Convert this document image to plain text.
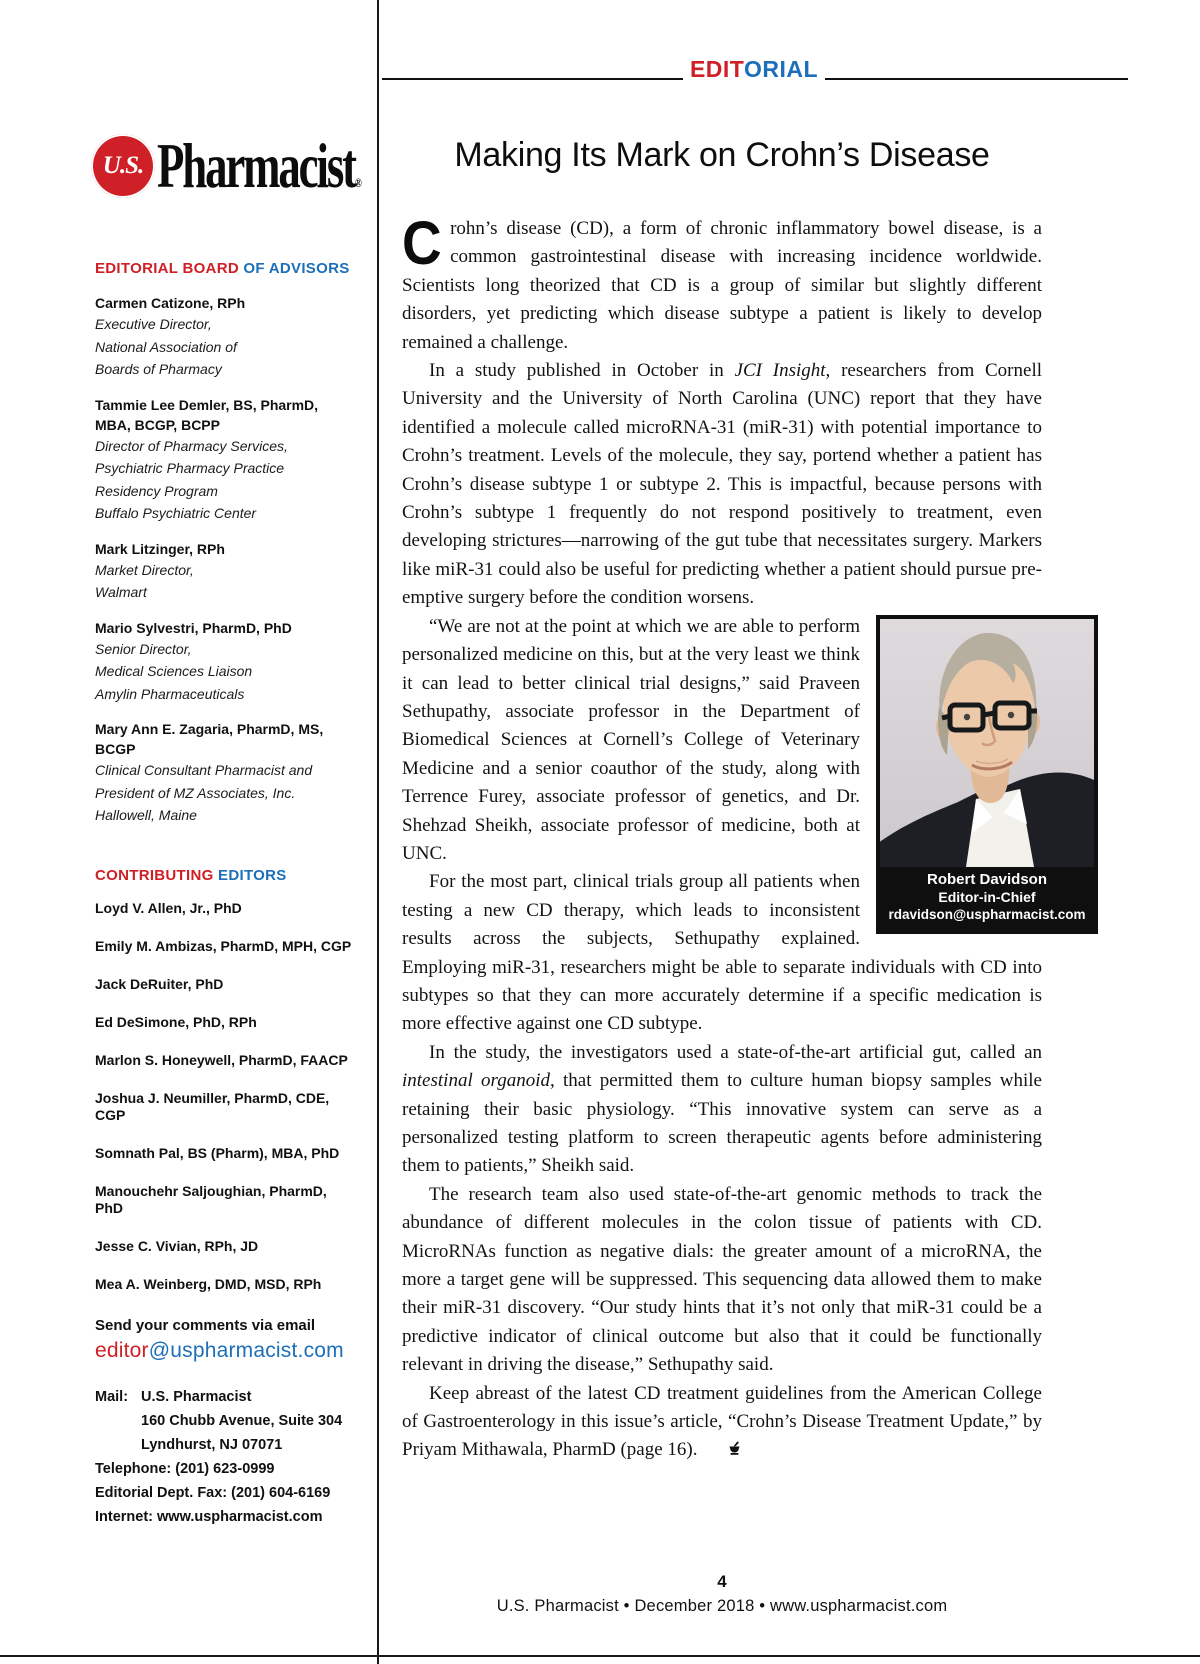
U.S. Pharmacist®
EDITORIAL BOARD OF ADVISORS
Carmen Catizone, RPh
Executive Director,
National Association of
Boards of Pharmacy
Tammie Lee Demler, BS, PharmD, MBA, BCGP, BCPP
Director of Pharmacy Services,
Psychiatric Pharmacy Practice
Residency Program
Buffalo Psychiatric Center
Mark Litzinger, RPh
Market Director,
Walmart
Mario Sylvestri, PharmD, PhD
Senior Director,
Medical Sciences Liaison
Amylin Pharmaceuticals
Mary Ann E. Zagaria, PharmD, MS, BCGP
Clinical Consultant Pharmacist and
President of MZ Associates, Inc.
Hallowell, Maine
CONTRIBUTING EDITORS
Loyd V. Allen, Jr., PhD
Emily M. Ambizas, PharmD, MPH, CGP
Jack DeRuiter, PhD
Ed DeSimone, PhD, RPh
Marlon S. Honeywell, PharmD, FAACP
Joshua J. Neumiller, PharmD, CDE, CGP
Somnath Pal, BS (Pharm), MBA, PhD
Manouchehr Saljoughian, PharmD, PhD
Jesse C. Vivian, RPh, JD
Mea A. Weinberg, DMD, MSD, RPh
Send your comments via email
editor@uspharmacist.com
Mail: U.S. Pharmacist
160 Chubb Avenue, Suite 304
Lyndhurst, NJ 07071
Telephone: (201) 623-0999
Editorial Dept. Fax: (201) 604-6169
Internet: www.uspharmacist.com
EDITORIAL
Making Its Mark on Crohn’s Disease

Crohn’s disease (CD), a form of chronic inflammatory bowel disease, is a common gastrointestinal disease with increasing incidence worldwide. Scientists long theorized that CD is a group of similar but slightly different disorders, yet predicting which disease subtype a patient is likely to develop remained a challenge.

In a study published in October in JCI Insight, researchers from Cornell University and the University of North Carolina (UNC) report that they have identified a molecule called microRNA-31 (miR-31) with potential importance to Crohn’s treatment. Levels of the molecule, they say, portend whether a patient has Crohn’s disease subtype 1 or subtype 2. This is impactful, because persons with Crohn’s subtype 1 frequently do not respond positively to treatment, even developing strictures—narrowing of the gut tube that necessitates surgery. Markers like miR-31 could also be useful for predicting whether a patient should pursue pre-emptive surgery before the condition worsens.

Robert Davidson
Editor-in-Chief
rdavidson@uspharmacist.com

“We are not at the point at which we are able to perform personalized medicine on this, but at the very least we think it can lead to better clinical trial designs,” said Praveen Sethupathy, associate professor in the Department of Biomedical Sciences at Cornell’s College of Veterinary Medicine and a senior coauthor of the study, along with Terrence Furey, associate professor of genetics, and Dr. Shehzad Sheikh, associate professor of medicine, both at UNC.

For the most part, clinical trials group all patients when testing a new CD therapy, which leads to inconsistent results across the subjects, Sethupathy explained. Employing miR-31, researchers might be able to separate individuals with CD into subtypes so that they can more accurately determine if a specific medication is more effective against one CD subtype.

In the study, the investigators used a state-of-the-art artificial gut, called an intestinal organoid, that permitted them to culture human biopsy samples while retaining their basic physiology. “This innovative system can serve as a personalized testing platform to screen therapeutic agents before administering them to patients,” Sheikh said.

The research team also used state-of-the-art genomic methods to track the abundance of different molecules in the colon tissue of patients with CD. MicroRNAs function as negative dials: the greater amount of a microRNA, the more a target gene will be suppressed. This sequencing data allowed them to make their miR-31 discovery. “Our study hints that it’s not only that miR-31 could be a predictive indicator of clinical outcome but also that it could be functionally relevant in driving the disease,” Sethupathy said.

Keep abreast of the latest CD treatment guidelines from the American College of Gastroenterology in this issue’s article, “Crohn’s Disease Treatment Update,” by Priyam Mithawala, PharmD (page 16).

4
U.S. Pharmacist • December 2018 • www.uspharmacist.com
